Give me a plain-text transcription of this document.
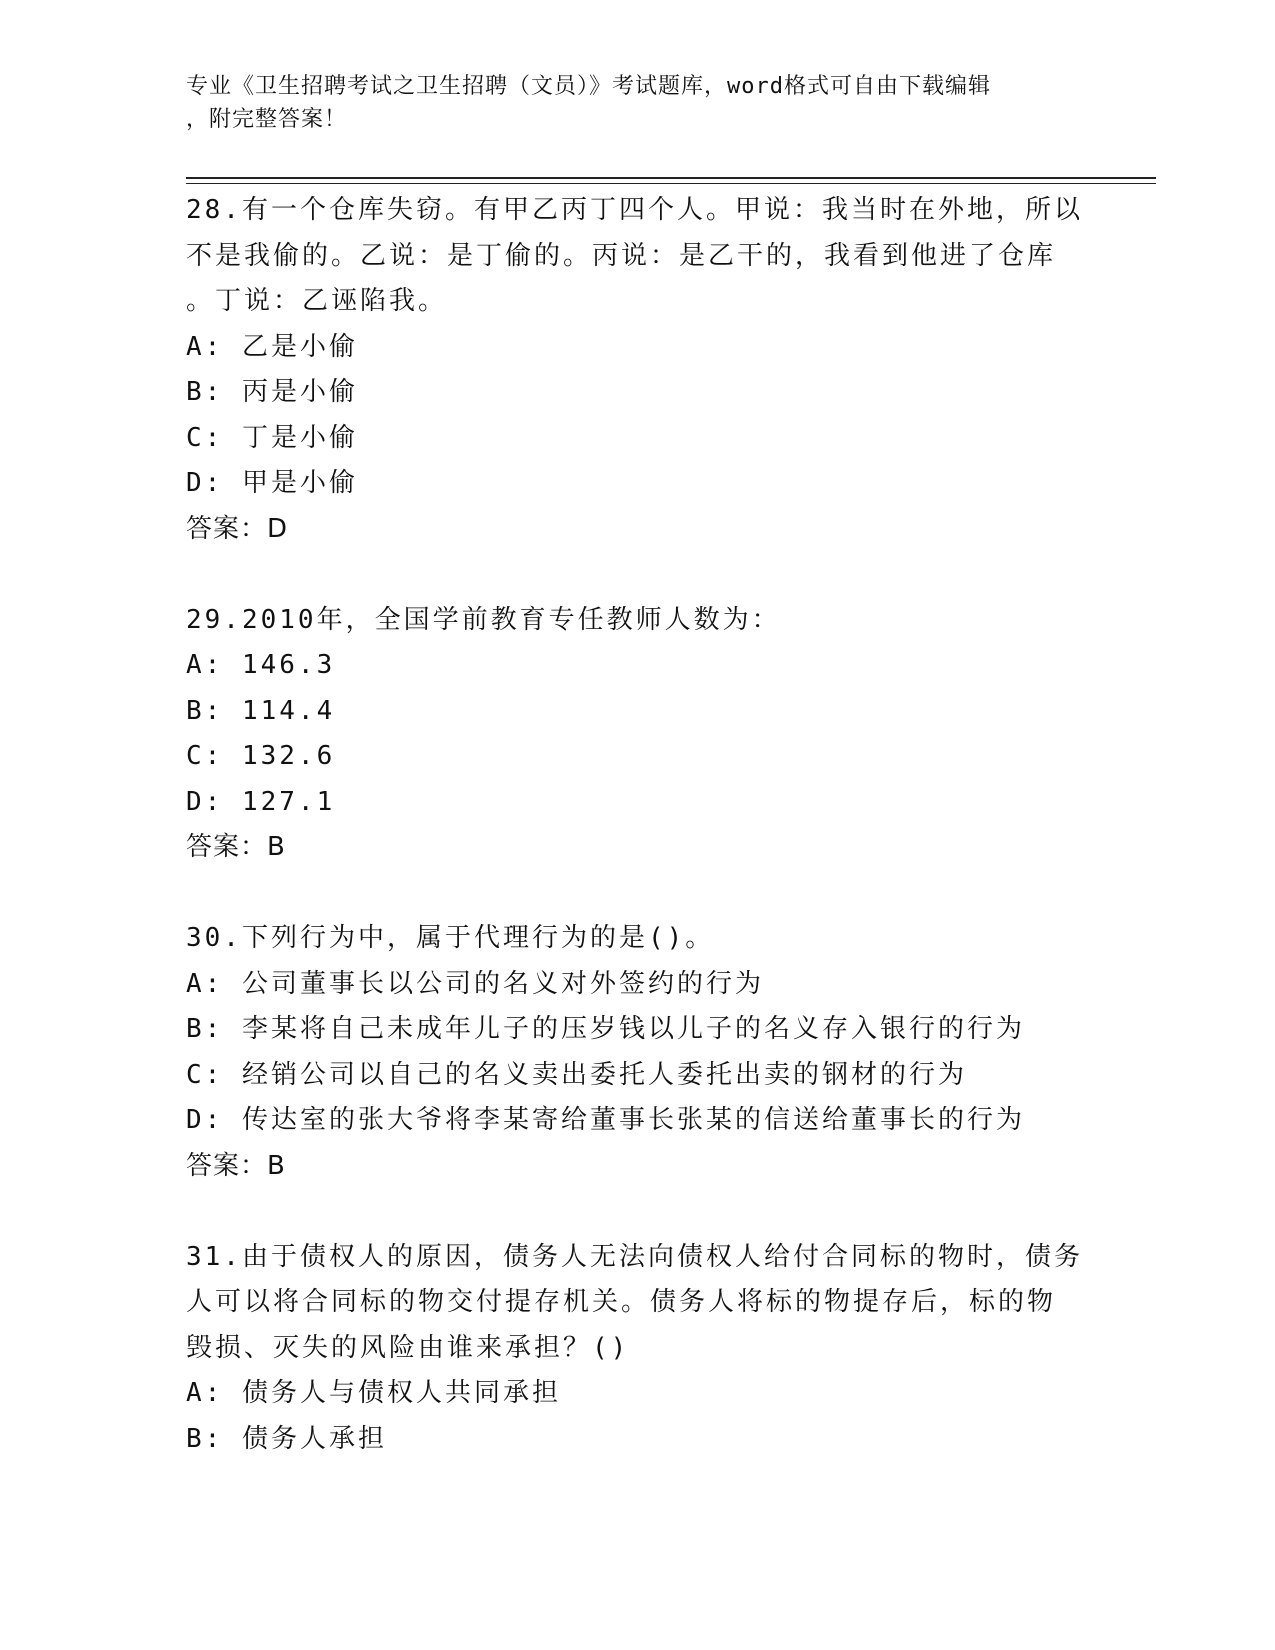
专业《卫生招聘考试之卫生招聘（文员）》考试题库，word格式可自由下载编辑
，附完整答案！

28.有一个仓库失窃。有甲乙丙丁四个人。甲说：我当时在外地，所以

不是我偷的。乙说：是丁偷的。丙说：是乙干的，我看到他进了仓库

。丁说：乙诬陷我。

A: 乙是小偷

B: 丙是小偷

C: 丁是小偷

D: 甲是小偷

答案：D

29.2010年，全国学前教育专任教师人数为：

A: 146.3

B: 114.4

C: 132.6

D: 127.1

答案：B

30.下列行为中，属于代理行为的是()。

A: 公司董事长以公司的名义对外签约的行为

B: 李某将自己未成年儿子的压岁钱以儿子的名义存入银行的行为

C: 经销公司以自己的名义卖出委托人委托出卖的钢材的行为

D: 传达室的张大爷将李某寄给董事长张某的信送给董事长的行为

答案：B

31.由于债权人的原因，债务人无法向债权人给付合同标的物时，债务

人可以将合同标的物交付提存机关。债务人将标的物提存后，标的物

毁损、灭失的风险由谁来承担？()

A: 债务人与债权人共同承担

B: 债务人承担
